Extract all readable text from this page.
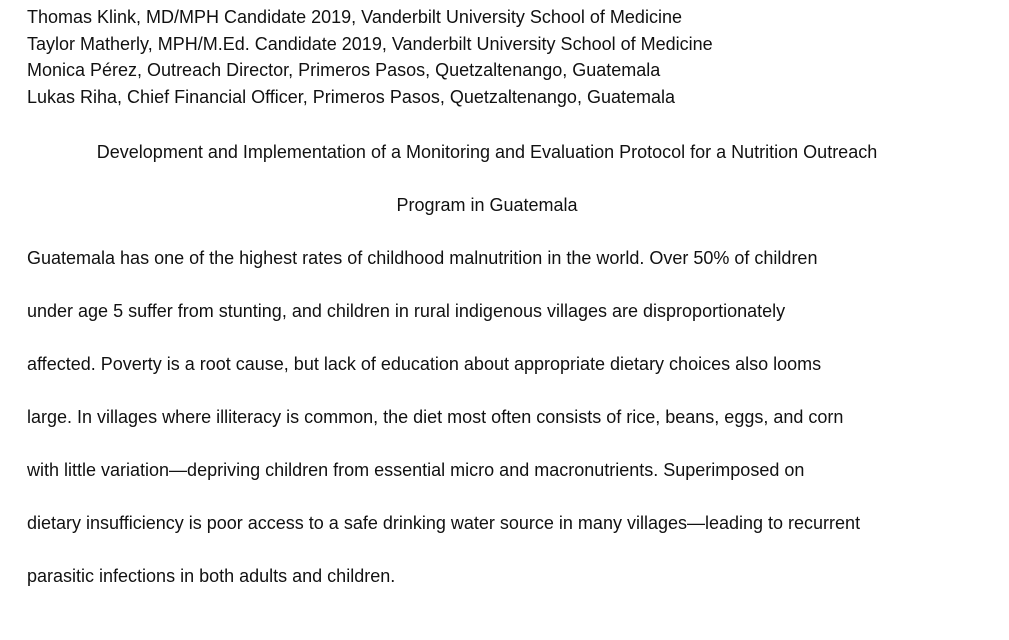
Thomas Klink, MD/MPH Candidate 2019, Vanderbilt University School of Medicine
Taylor Matherly, MPH/M.Ed. Candidate 2019, Vanderbilt University School of Medicine
Monica Pérez, Outreach Director, Primeros Pasos, Quetzaltenango, Guatemala
Lukas Riha, Chief Financial Officer, Primeros Pasos, Quetzaltenango, Guatemala
Development and Implementation of a Monitoring and Evaluation Protocol for a Nutrition Outreach
Program in Guatemala
Guatemala has one of the highest rates of childhood malnutrition in the world. Over 50% of children
under age 5 suffer from stunting, and children in rural indigenous villages are disproportionately
affected. Poverty is a root cause, but lack of education about appropriate dietary choices also looms
large. In villages where illiteracy is common, the diet most often consists of rice, beans, eggs, and corn
with little variation—depriving children from essential micro and macronutrients. Superimposed on
dietary insufficiency is poor access to a safe drinking water source in many villages—leading to recurrent
parasitic infections in both adults and children.
